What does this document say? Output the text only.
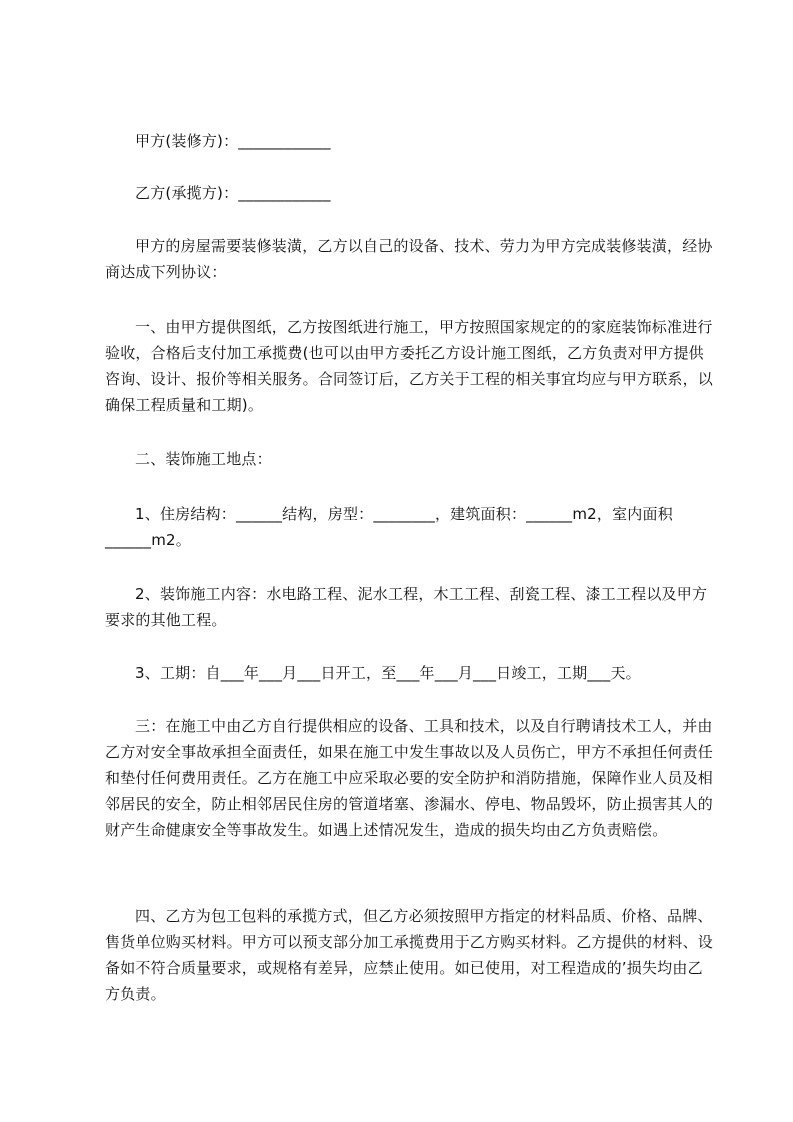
甲方(装修方)：____________

乙方(承揽方)：____________

甲方的房屋需要装修装潢，乙方以自己的设备、技术、劳力为甲方完成装修装潢，经协商达成下列协议：

一、由甲方提供图纸，乙方按图纸进行施工，甲方按照国家规定的的家庭装饰标准进行验收，合格后支付加工承揽费(也可以由甲方委托乙方设计施工图纸，乙方负责对甲方提供咨询、设计、报价等相关服务。合同签订后，乙方关于工程的相关事宜均应与甲方联系，以确保工程质量和工期)。

二、装饰施工地点：

1、住房结构：______结构，房型：________，建筑面积：______m2，室内面积______m2。

2、装饰施工内容：水电路工程、泥水工程，木工工程、刮瓷工程、漆工工程以及甲方要求的其他工程。

3、工期：自___年___月___日开工，至___年___月___日竣工，工期___天。

三：在施工中由乙方自行提供相应的设备、工具和技术，以及自行聘请技术工人，并由乙方对安全事故承担全面责任，如果在施工中发生事故以及人员伤亡，甲方不承担任何责任和垫付任何费用责任。乙方在施工中应采取必要的安全防护和消防措施，保障作业人员及相邻居民的安全，防止相邻居民住房的管道堵塞、渗漏水、停电、物品毁坏，防止损害其人的财产生命健康安全等事故发生。如遇上述情况发生，造成的损失均由乙方负责赔偿。

四、乙方为包工包料的承揽方式，但乙方必须按照甲方指定的材料品质、价格、品牌、售货单位购买材料。甲方可以预支部分加工承揽费用于乙方购买材料。乙方提供的材料、设备如不符合质量要求，或规格有差异，应禁止使用。如已使用，对工程造成的’损失均由乙方负责。
